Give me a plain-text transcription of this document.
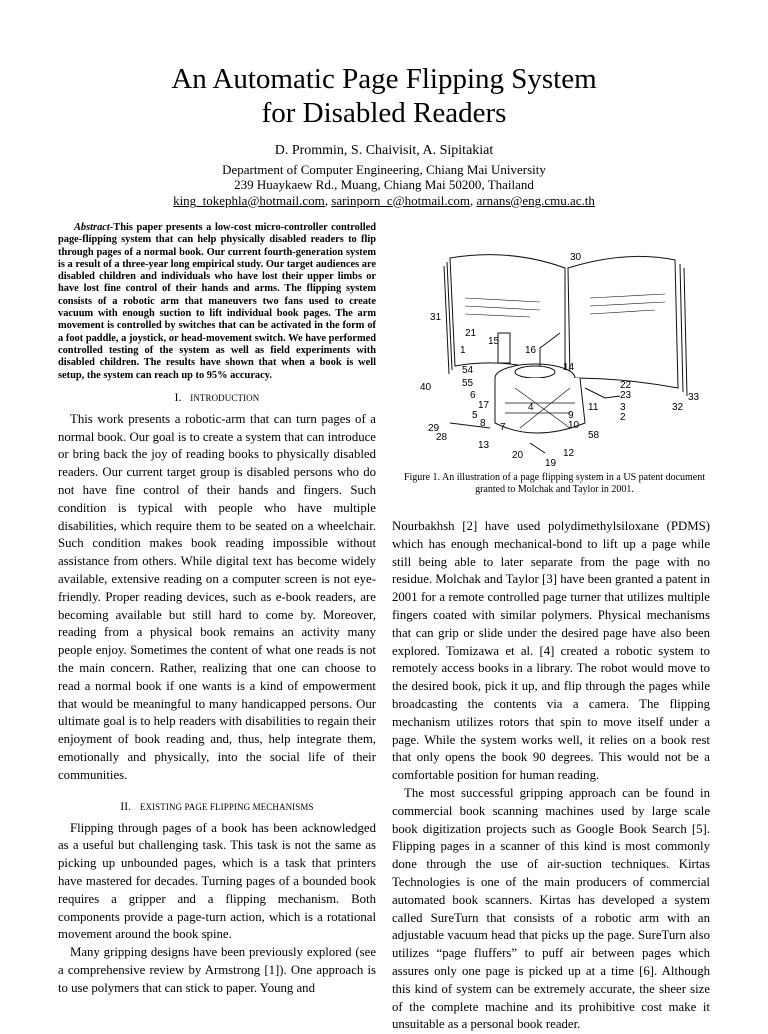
An Automatic Page Flipping System
for Disabled Readers
D. Prommin, S. Chaivisit, A. Sipitakiat
Department of Computer Engineering, Chiang Mai University
239 Huaykaew Rd., Muang, Chiang Mai 50200, Thailand
king_tokephla@hotmail.com, sarinporn_c@hotmail.com, arnans@eng.cmu.ac.th

Abstract-This paper presents a low-cost micro-controller controlled page-flipping system that can help physically disabled readers to flip through pages of a normal book. Our current fourth-generation system is a result of a three-year long empirical study. Our target audiences are disabled children and individuals who have lost their upper limbs or have lost fine control of their hands and arms. The flipping system consists of a robotic arm that maneuvers two fans used to create vacuum with enough suction to lift individual book pages. The arm movement is controlled by switches that can be activated in the form of a foot paddle, a joystick, or head-movement switch. We have performed controlled testing of the system as well as field experiments with disabled children. The results have shown that when a book is well setup, the system can reach up to 95% accuracy.

I. INTRODUCTION

This work presents a robotic-arm that can turn pages of a normal book. Our goal is to create a system that can introduce or bring back the joy of reading books to physically disabled readers. Our current target group is disabled persons who do not have fine control of their hands and fingers. Such condition is typical with people who have multiple disabilities, which require them to be seated on a wheelchair. Such condition makes book reading impossible without assistance from others. While digital text has become widely available, extensive reading on a computer screen is not eye-friendly. Proper reading devices, such as e-book readers, are becoming available but still hard to come by. Moreover, reading from a physical book remains an activity many people enjoy. Sometimes the content of what one reads is not the main concern. Rather, realizing that one can choose to read a normal book if one wants is a kind of empowerment that would be meaningful to many handicapped persons. Our ultimate goal is to help readers with disabilities to regain their enjoyment of book reading and, thus, help integrate them, emotionally and physically, into the social life of their communities.

II. EXISTING PAGE FLIPPING MECHANISMS

Flipping through pages of a book has been acknowledged as a useful but challenging task. This task is not the same as picking up unbounded pages, which is a task that printers have mastered for decades. Turning pages of a bounded book requires a gripper and a flipping mechanism. Both components provide a page-turn action, which is a rotational movement around the book spine.

Many gripping designs have been previously explored (see a comprehensive review by Armstrong [1]). One approach is to use polymers that can stick to paper. Young and

30
31
21
15
1	16
14
54
55
6
17
5
8
29
28
13
20
19
12
10
58
9
11
4	3
2
23
22
32
33
40
7
Figure 1. An illustration of a page flipping system in a US patent document granted to Molchak and Taylor in 2001.

Nourbakhsh [2] have used polydimethylsiloxane (PDMS) which has enough mechanical-bond to lift up a page while still being able to later separate from the page with no residue. Molchak and Taylor [3] have been granted a patent in 2001 for a remote controlled page turner that utilizes multiple fingers coated with similar polymers. Physical mechanisms that can grip or slide under the desired page have also been explored. Tomizawa et al. [4] created a robotic system to remotely access books in a library. The robot would move to the desired book, pick it up, and flip through the pages while broadcasting the contents via a camera. The flipping mechanism utilizes rotors that spin to move itself under a page. While the system works well, it relies on a book rest that only opens the book 90 degrees. This would not be a comfortable position for human reading.

The most successful gripping approach can be found in commercial book scanning machines used by large scale book digitization projects such as Google Book Search [5]. Flipping pages in a scanner of this kind is most commonly done through the use of air-suction techniques. Kirtas Technologies is one of the main producers of commercial automated book scanners. Kirtas has developed a system called SureTurn that consists of a robotic arm with an adjustable vacuum head that picks up the page. SureTurn also utilizes “page fluffers” to puff air between pages which assures only one page is picked up at a time [6]. Although this kind of system can be extremely accurate, the sheer size of the complete machine and its prohibitive cost make it unsuitable as a personal book reader.
